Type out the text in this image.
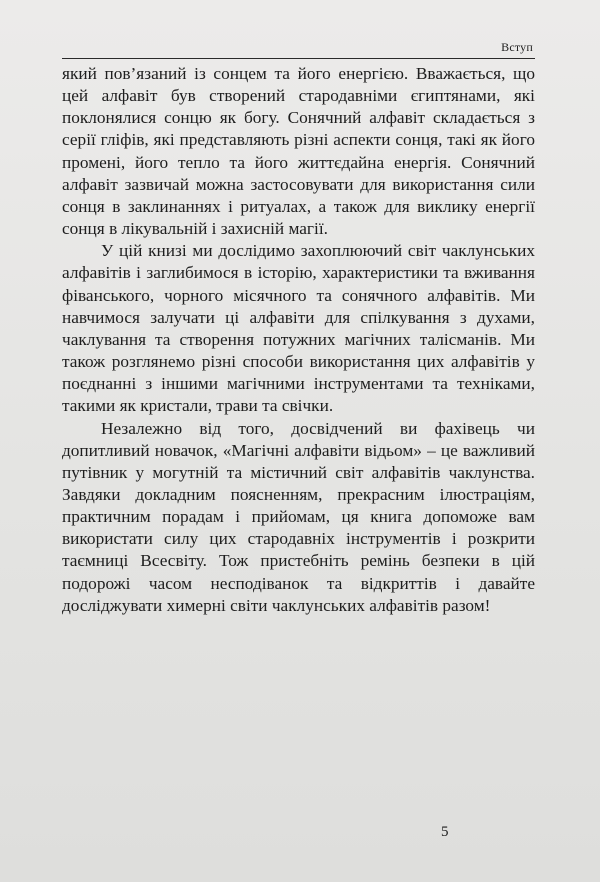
Вступ

який пов’язаний із сонцем та його енергією. Вважається, що цей алфавіт був створений стародавніми єгиптянами, які поклонялися сонцю як богу. Сонячний алфавіт складається з серії гліфів, які представляють різні аспекти сонця, такі як його промені, його тепло та його життєдайна енергія. Сонячний алфавіт зазвичай можна застосовувати для використання сили сонця в заклинаннях і ритуалах, а також для виклику енергії сонця в лікувальній і захисній магії.

У цій книзі ми дослідимо захоплюючий світ чаклунських алфавітів і заглибимося в історію, характеристики та вживання фіванського, чорного місячного та сонячного алфавітів. Ми навчимося залучати ці алфавіти для спілкування з духами, чаклування та створення потужних магічних талісманів. Ми також розглянемо різні способи використання цих алфавітів у поєднанні з іншими магічними інструментами та техніками, такими як кристали, трави та свічки.

Незалежно від того, досвідчений ви фахівець чи допитливий новачок, «Магічні алфавіти відьом» – це важливий путівник у могутній та містичний світ алфавітів чаклунства. Завдяки докладним поясненням, прекрасним ілюстраціям, практичним порадам і прийомам, ця книга допоможе вам використати силу цих стародавніх інструментів і розкрити таємниці Всесвіту. Тож пристебніть ремінь безпеки в цій подорожі часом несподіванок та відкриттів і давайте досліджувати химерні світи чаклунських алфавітів разом!

5
